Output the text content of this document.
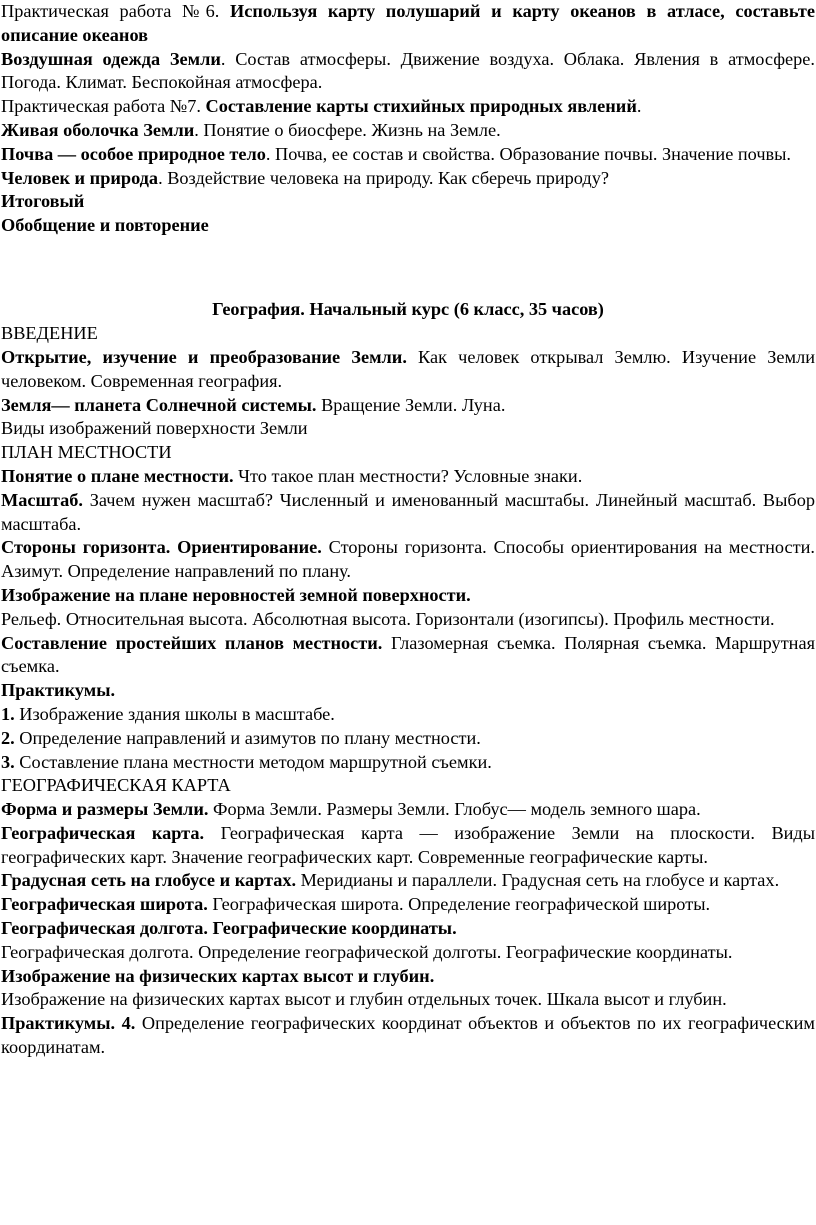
Практическая работа №6. Используя карту полушарий и карту океанов в атласе, составьте описание океанов

Воздушная одежда Земли. Состав атмосферы. Движение воздуха. Облака. Явления в атмосфере. Погода. Климат. Беспокойная атмосфера.

Практическая работа №7. Составление карты стихийных природных явлений.

Живая оболочка Земли. Понятие о биосфере. Жизнь на Земле.

Почва — особое природное тело. Почва, ее состав и свойства. Образование почвы. Значение почвы.

Человек и природа. Воздействие человека на природу. Как сберечь природу?

Итоговый

Обобщение и повторение

География. Начальный курс (6 класс, 35 часов)

ВВЕДЕНИЕ

Открытие, изучение и преобразование Земли. Как человек открывал Землю. Изучение Земли человеком. Современная география.

Земля— планета Солнечной системы. Вращение Земли. Луна.

Виды изображений поверхности Земли

ПЛАН МЕСТНОСТИ

Понятие о плане местности. Что такое план местности? Условные знаки.

Масштаб. Зачем нужен масштаб? Численный и именованный масштабы. Линейный масштаб. Выбор масштаба.

Стороны горизонта. Ориентирование. Стороны горизонта. Способы ориентирования на местности. Азимут. Определение направлений по плану.

Изображение на плане неровностей земной поверхности.

Рельеф. Относительная высота. Абсолютная высота. Горизонтали (изогипсы). Профиль местности.

Составление простейших планов местности. Глазомерная съемка. Полярная съемка. Маршрутная съемка.

Практикумы.

1. Изображение здания школы в масштабе.

2. Определение направлений и азимутов по плану местности.

3. Составление плана местности методом маршрутной съемки.

ГЕОГРАФИЧЕСКАЯ КАРТА

Форма и размеры Земли. Форма Земли. Размеры Земли. Глобус— модель земного шара.

Географическая карта. Географическая карта — изображение Земли на плоскости. Виды географических карт. Значение географических карт. Современные географические карты.

Градусная сеть на глобусе и картах. Меридианы и параллели. Градусная сеть на глобусе и картах.

Географическая широта. Географическая широта. Определение географической широты.

Географическая долгота. Географические координаты.

Географическая долгота. Определение географической долготы. Географические координаты.

Изображение на физических картах высот и глубин.

Изображение на физических картах высот и глубин отдельных точек. Шкала высот и глубин.

Практикумы. 4. Определение географических координат объектов и объектов по их географическим координатам.
